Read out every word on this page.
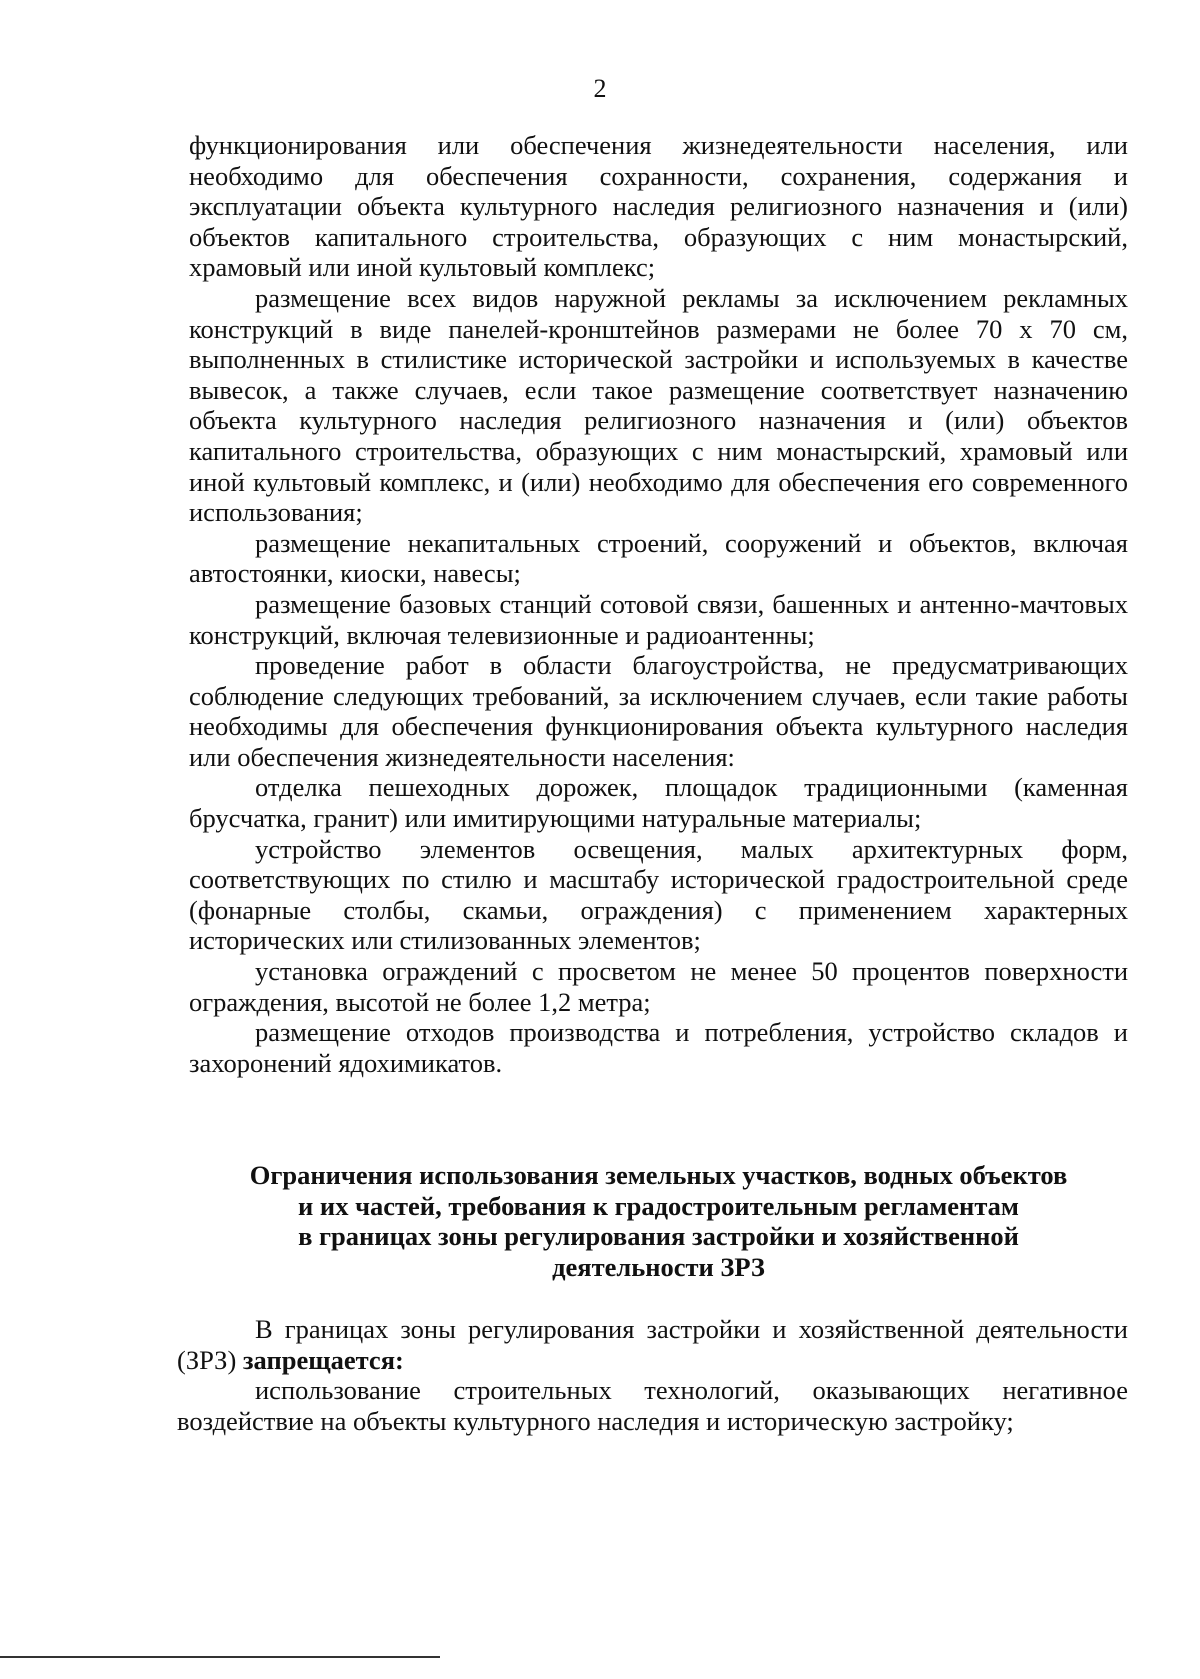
2

функционирования или обеспечения жизнедеятельности населения, или необходимо для обеспечения сохранности, сохранения, содержания и эксплуатации объекта культурного наследия религиозного назначения и (или) объектов капитального строительства, образующих с ним монастырский, храмовый или иной культовый комплекс;

размещение всех видов наружной рекламы за исключением рекламных конструкций в виде панелей-кронштейнов размерами не более 70 х 70 см, выполненных в стилистике исторической застройки и используемых в качестве вывесок, а также случаев, если такое размещение соответствует назначению объекта культурного наследия религиозного назначения и (или) объектов капитального строительства, образующих с ним монастырский, храмовый или иной культовый комплекс, и (или) необходимо для обеспечения его современного использования;

размещение некапитальных строений, сооружений и объектов, включая автостоянки, киоски, навесы;

размещение базовых станций сотовой связи, башенных и антенно-мачтовых конструкций, включая телевизионные и радиоантенны;

проведение работ в области благоустройства, не предусматривающих соблюдение следующих требований, за исключением случаев, если такие работы необходимы для обеспечения функционирования объекта культурного наследия или обеспечения жизнедеятельности населения:

отделка пешеходных дорожек, площадок традиционными (каменная брусчатка, гранит) или имитирующими натуральные материалы;

устройство элементов освещения, малых архитектурных форм, соответствующих по стилю и масштабу исторической градостроительной среде (фонарные столбы, скамьи, ограждения) с применением характерных исторических или стилизованных элементов;

установка ограждений с просветом не менее 50 процентов поверхности ограждения, высотой не более 1,2 метра;

размещение отходов производства и потребления, устройство складов и захоронений ядохимикатов.

Ограничения использования земельных участков, водных объектов
и их частей, требования к градостроительным регламентам
в границах зоны регулирования застройки и хозяйственной
деятельности ЗРЗ

В границах зоны регулирования застройки и хозяйственной деятельности (ЗРЗ) запрещается:

использование строительных технологий, оказывающих негативное воздействие на объекты культурного наследия и историческую застройку;
